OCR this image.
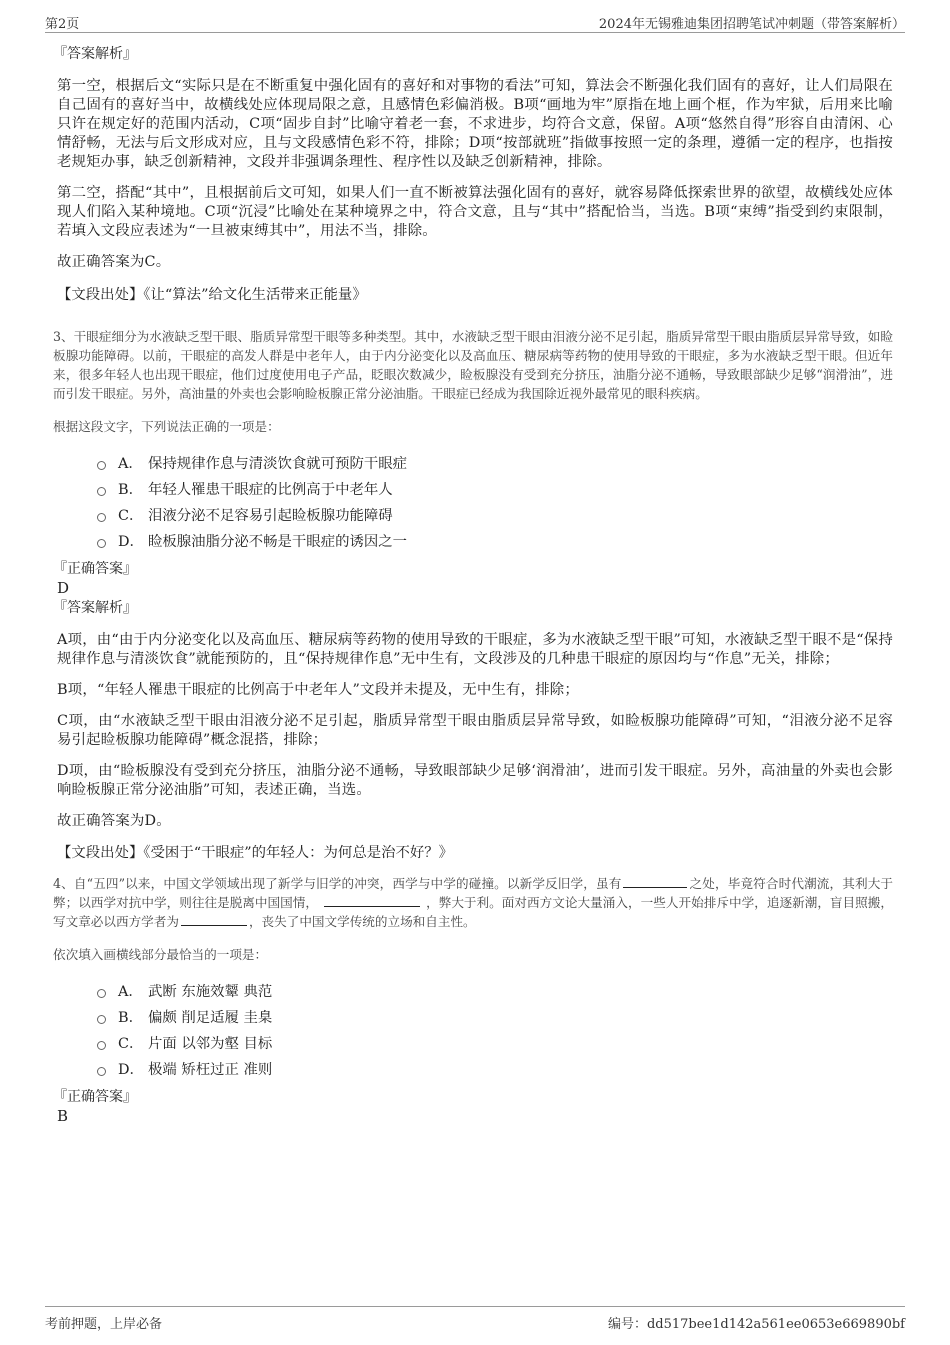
第2页	2024年无锡雅迪集团招聘笔试冲刺题（带答案解析）

『答案解析』

第一空，根据后文“实际只是在不断重复中强化固有的喜好和对事物的看法”可知，算法会不断强化我们固有的喜好，让人们局限在自己固有的喜好当中，故横线处应体现局限之意，且感情色彩偏消极。B项“画地为牢”原指在地上画个框，作为牢狱，后用来比喻只许在规定好的范围内活动，C项“固步自封”比喻守着老一套，不求进步，均符合文意，保留。A项“悠然自得”形容自由清闲、心情舒畅，无法与后文形成对应，且与文段感情色彩不符，排除；D项“按部就班”指做事按照一定的条理，遵循一定的程序，也指按老规矩办事，缺乏创新精神，文段并非强调条理性、程序性以及缺乏创新精神，排除。

第二空，搭配“其中”，且根据前后文可知，如果人们一直不断被算法强化固有的喜好，就容易降低探索世界的欲望，故横线处应体现人们陷入某种境地。C项“沉浸”比喻处在某种境界之中，符合文意，且与“其中”搭配恰当，当选。B项“束缚”指受到约束限制，若填入文段应表述为“一旦被束缚其中”，用法不当，排除。

故正确答案为C。

【文段出处】《让“算法”给文化生活带来正能量》

3、干眼症细分为水液缺乏型干眼、脂质异常型干眼等多种类型。其中，水液缺乏型干眼由泪液分泌不足引起，脂质异常型干眼由脂质层异常导致，如睑板腺功能障碍。以前，干眼症的高发人群是中老年人，由于内分泌变化以及高血压、糖尿病等药物的使用导致的干眼症，多为水液缺乏型干眼。但近年来，很多年轻人也出现干眼症，他们过度使用电子产品，眨眼次数减少，睑板腺没有受到充分挤压，油脂分泌不通畅，导致眼部缺少足够“润滑油”，进而引发干眼症。另外，高油量的外卖也会影响睑板腺正常分泌油脂。干眼症已经成为我国除近视外最常见的眼科疾病。

根据这段文字，下列说法正确的一项是：

A． 保持规律作息与清淡饮食就可预防干眼症
B． 年轻人罹患干眼症的比例高于中老年人
C． 泪液分泌不足容易引起睑板腺功能障碍
D． 睑板腺油脂分泌不畅是干眼症的诱因之一

『正确答案』

D

『答案解析』

A项，由“由于内分泌变化以及高血压、糖尿病等药物的使用导致的干眼症，多为水液缺乏型干眼”可知，水液缺乏型干眼不是“保持规律作息与清淡饮食”就能预防的，且“保持规律作息”无中生有，文段涉及的几种患干眼症的原因均与“作息”无关，排除；

B项，“年轻人罹患干眼症的比例高于中老年人”文段并未提及，无中生有，排除；

C项，由“水液缺乏型干眼由泪液分泌不足引起，脂质异常型干眼由脂质层异常导致，如睑板腺功能障碍”可知，“泪液分泌不足容易引起睑板腺功能障碍”概念混搭，排除；

D项，由“睑板腺没有受到充分挤压，油脂分泌不通畅，导致眼部缺少足够‘润滑油’，进而引发干眼症。另外，高油量的外卖也会影响睑板腺正常分泌油脂”可知，表述正确，当选。

故正确答案为D。

【文段出处】《受困于“干眼症”的年轻人：为何总是治不好？》

4、自“五四”以来，中国文学领域出现了新学与旧学的冲突，西学与中学的碰撞。以新学反旧学，虽有	之处，毕竟符合时代潮流，其利大于弊；以西学对抗中学，则往往是脱离中国国情，	，弊大于利。面对西方文论大量涌入，一些人开始排斥中学，追逐新潮，盲目照搬，写文章必以西方学者为	，丧失了中国文学传统的立场和自主性。

依次填入画横线部分最恰当的一项是：

A． 武断 东施效颦 典范
B． 偏颇 削足适履 圭臬
C． 片面 以邻为壑 目标
D． 极端 矫枉过正 准则

『正确答案』

B

考前押题，上岸必备	编号：dd517bee1d142a561ee0653e669890bf
